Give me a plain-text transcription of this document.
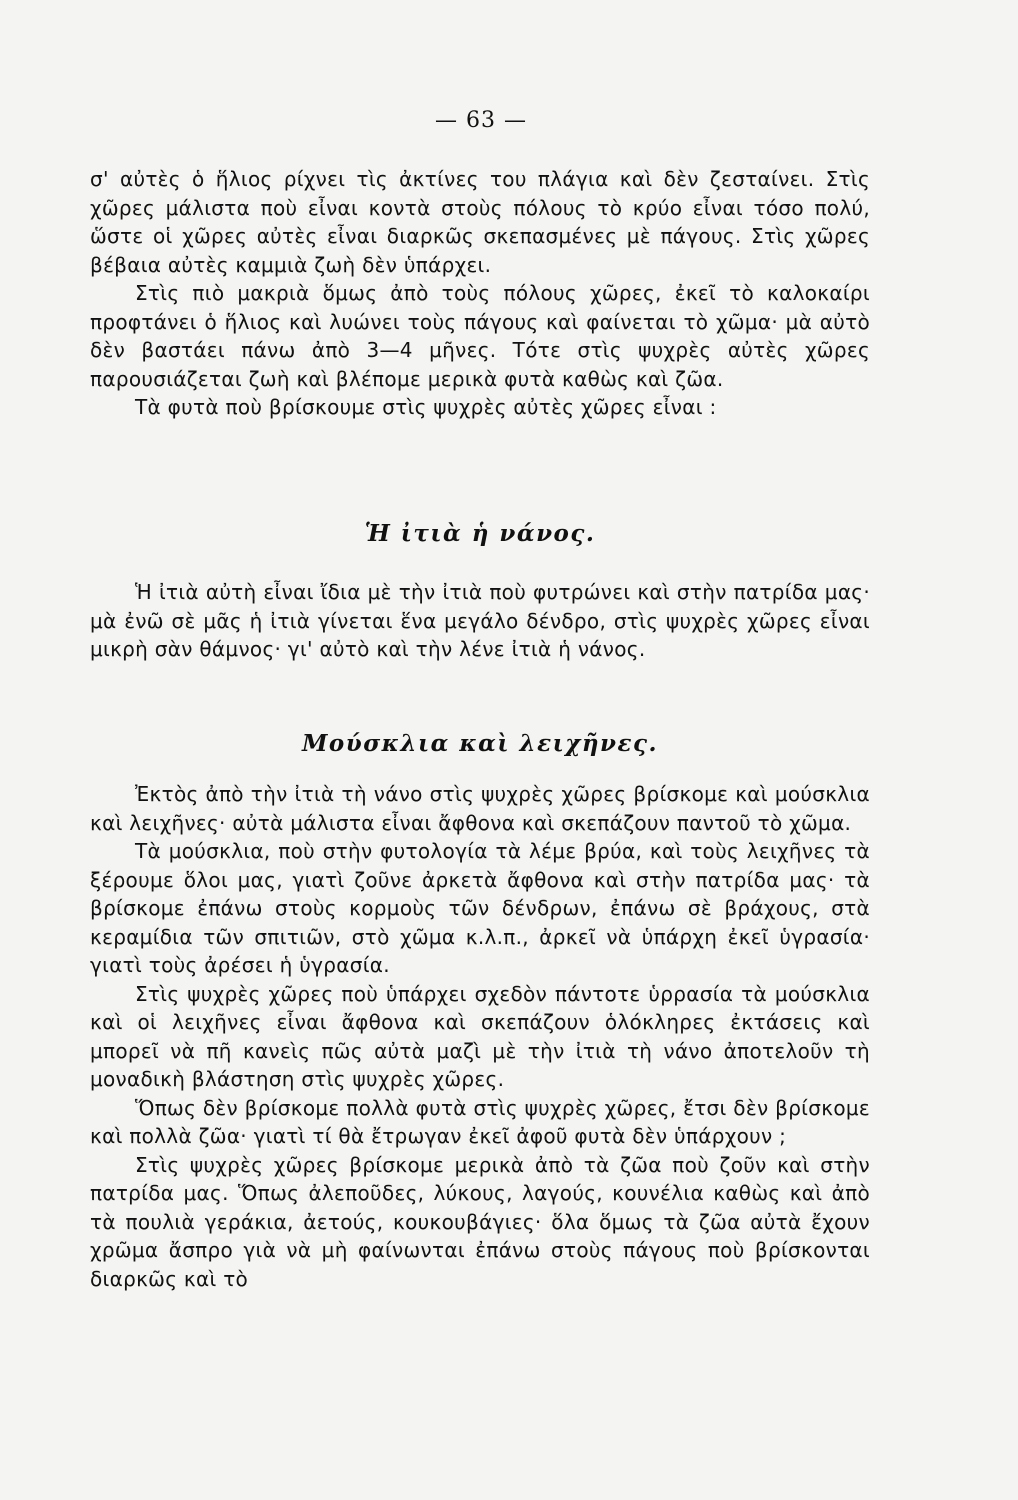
— 63 —

σ' αὐτὲς ὁ ἥλιος ρίχνει τὶς ἀκτίνες του πλάγια καὶ δὲν ζεσταίνει. Στὶς χῶρες μάλιστα ποὺ εἶναι κοντὰ στοὺς πόλους τὸ κρύο εἶναι τόσο πολύ, ὥστε οἱ χῶρες αὐτὲς εἶναι διαρκῶς σκεπασμένες μὲ πάγους. Στὶς χῶρες βέβαια αὐτὲς καμμιὰ ζωὴ δὲν ὑπάρχει.

Στὶς πιὸ μακριὰ ὅμως ἀπὸ τοὺς πόλους χῶρες, ἐκεῖ τὸ καλοκαίρι προφτάνει ὁ ἥλιος καὶ λυώνει τοὺς πάγους καὶ φαίνεται τὸ χῶμα· μὰ αὐτὸ δὲν βαστάει πάνω ἀπὸ 3—4 μῆνες. Τότε στὶς ψυχρὲς αὐτὲς χῶρες παρουσιάζεται ζωὴ καὶ βλέπομε μερικὰ φυτὰ καθὼς καὶ ζῶα.

Τὰ φυτὰ ποὺ βρίσκουμε στὶς ψυχρὲς αὐτὲς χῶρες εἶναι :

Ἡ ἰτιὰ ἡ νάνος.

Ἡ ἰτιὰ αὐτὴ εἶναι ἴδια μὲ τὴν ἰτιὰ ποὺ φυτρώνει καὶ στὴν πατρίδα μας· μὰ ἐνῶ σὲ μᾶς ἡ ἰτιὰ γίνεται ἕνα μεγάλο δένδρο, στὶς ψυχρὲς χῶρες εἶναι μικρὴ σὰν θάμνος· γι' αὐτὸ καὶ τὴν λένε ἰτιὰ ἡ νάνος.

Μούσκλια καὶ λειχῆνες.

Ἐκτὸς ἀπὸ τὴν ἰτιὰ τὴ νάνο στὶς ψυχρὲς χῶρες βρίσκομε καὶ μούσκλια καὶ λειχῆνες· αὐτὰ μάλιστα εἶναι ἄφθονα καὶ σκεπάζουν παντοῦ τὸ χῶμα.

Τὰ μούσκλια, ποὺ στὴν φυτολογία τὰ λέμε βρύα, καὶ τοὺς λειχῆνες τὰ ξέρουμε ὅλοι μας, γιατὶ ζοῦνε ἀρκετὰ ἄφθονα καὶ στὴν πατρίδα μας· τὰ βρίσκομε ἐπάνω στοὺς κορμοὺς τῶν δένδρων, ἐπάνω σὲ βράχους, στὰ κεραμίδια τῶν σπιτιῶν, στὸ χῶμα κ.λ.π., ἀρκεῖ νὰ ὑπάρχη ἐκεῖ ὑγρασία· γιατὶ τοὺς ἀρέσει ἡ ὑγρασία.

Στὶς ψυχρὲς χῶρες ποὺ ὑπάρχει σχεδὸν πάντοτε ὑρρασία τὰ μούσκλια καὶ οἱ λειχῆνες εἶναι ἄφθονα καὶ σκεπάζουν ὁλόκληρες ἐκτάσεις καὶ μπορεῖ νὰ πῆ κανεὶς πῶς αὐτὰ μαζὶ μὲ τὴν ἰτιὰ τὴ νάνο ἀποτελοῦν τὴ μοναδικὴ βλάστηση στὶς ψυχρὲς χῶρες.

Ὅπως δὲν βρίσκομε πολλὰ φυτὰ στὶς ψυχρὲς χῶρες, ἔτσι δὲν βρίσκομε καὶ πολλὰ ζῶα· γιατὶ τί θὰ ἔτρωγαν ἐκεῖ ἀφοῦ φυτὰ δὲν ὑπάρχουν ;

Στὶς ψυχρὲς χῶρες βρίσκομε μερικὰ ἀπὸ τὰ ζῶα ποὺ ζοῦν καὶ στὴν πατρίδα μας. Ὅπως ἀλεποῦδες, λύκους, λαγούς, κουνέλια καθὼς καὶ ἀπὸ τὰ πουλιὰ γεράκια, ἀετούς, κουκουβάγιες· ὅλα ὅμως τὰ ζῶα αὐτὰ ἔχουν χρῶμα ἄσπρο γιὰ νὰ μὴ φαίνωνται ἐπάνω στοὺς πάγους ποὺ βρίσκονται διαρκῶς καὶ τὸ
